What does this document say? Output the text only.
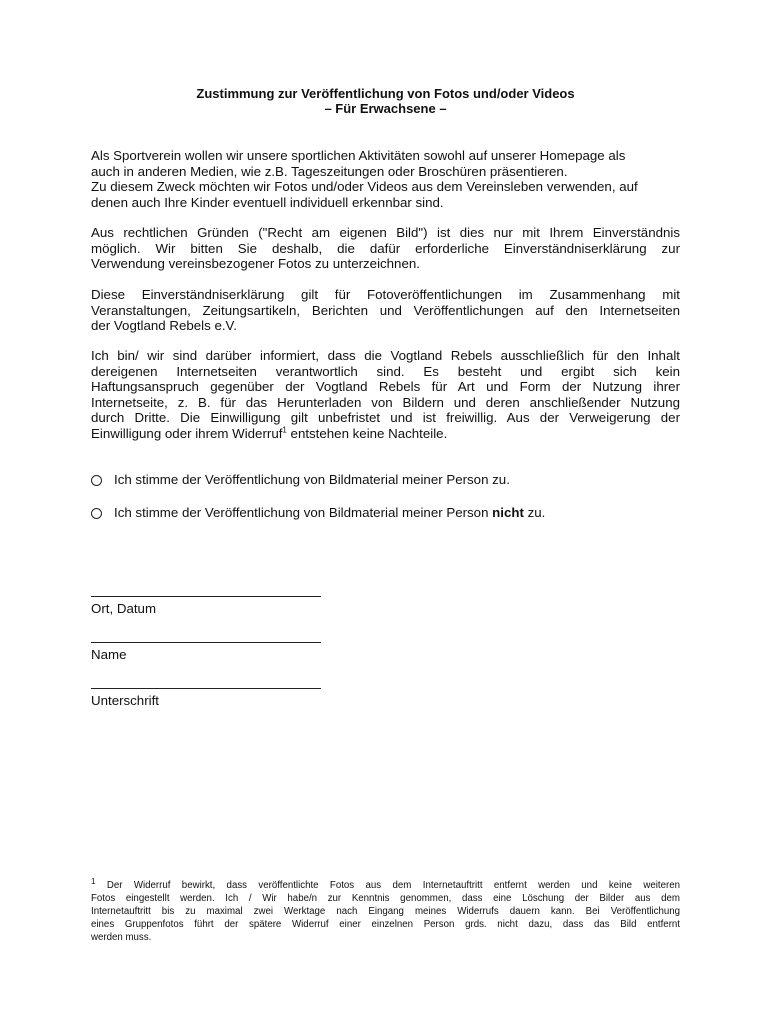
Zustimmung zur Veröffentlichung von Fotos und/oder Videos
– Für Erwachsene –
Als Sportverein wollen wir unsere sportlichen Aktivitäten sowohl auf unserer Homepage als
auch in anderen Medien, wie z.B. Tageszeitungen oder Broschüren präsentieren.
Zu diesem Zweck möchten wir Fotos und/oder Videos aus dem Vereinsleben verwenden, auf
denen auch Ihre Kinder eventuell individuell erkennbar sind.
Aus rechtlichen Gründen ("Recht am eigenen Bild") ist dies nur mit Ihrem Einverständnis
möglich. Wir bitten Sie deshalb, die dafür erforderliche Einverständniserklärung zur
Verwendung vereinsbezogener Fotos zu unterzeichnen.
Diese Einverständniserklärung gilt für Fotoveröffentlichungen im Zusammenhang mit
Veranstaltungen, Zeitungsartikeln, Berichten und Veröffentlichungen auf den Internetseiten
der Vogtland Rebels e.V.
Ich bin/ wir sind darüber informiert, dass die Vogtland Rebels ausschließlich für den Inhalt
dereigenen Internetseiten verantwortlich sind. Es besteht und ergibt sich kein
Haftungsanspruch gegenüber der Vogtland Rebels für Art und Form der Nutzung ihrer
Internetseite, z. B. für das Herunterladen von Bildern und deren anschließender Nutzung
durch Dritte. Die Einwilligung gilt unbefristet und ist freiwillig. Aus der Verweigerung der
Einwilligung oder ihrem Widerruf$^1$ entstehen keine Nachteile.
Ich stimme der Veröffentlichung von Bildmaterial meiner Person zu.
Ich stimme der Veröffentlichung von Bildmaterial meiner Person nicht zu.
Ort, Datum
Name
Unterschrift
$^1$ Der Widerruf bewirkt, dass veröffentlichte Fotos aus dem Internetauftritt entfernt werden und keine weiteren
Fotos eingestellt werden. Ich / Wir habe/n zur Kenntnis genommen, dass eine Löschung der Bilder aus dem
Internetauftritt bis zu maximal zwei Werktage nach Eingang meines Widerrufs dauern kann. Bei Veröffentlichung
eines Gruppenfotos führt der spätere Widerruf einer einzelnen Person grds. nicht dazu, dass das Bild entfernt
werden muss.
